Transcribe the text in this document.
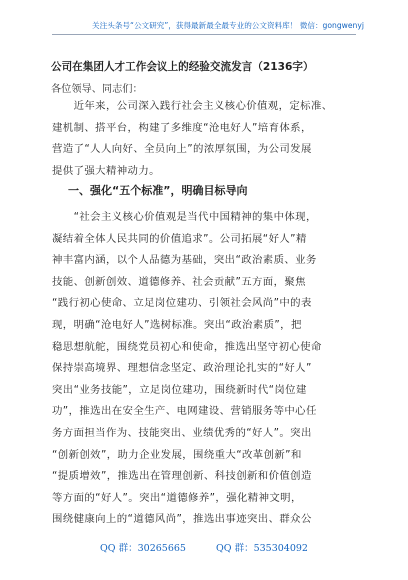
关注头条号“公文研究”，获得最新最全最专业的公文资料库！ 微信：gongwenyj
公司在集团人才工作会议上的经验交流发言（2136字）
各位领导、同志们：
　　近年来，公司深入践行社会主义核心价值观，定标准、
建机制、搭平台，构建了多维度“沧电好人”培育体系，
营造了“人人向好、全员向上”的浓厚氛围，为公司发展
提供了强大精神动力。
一、强化“五个标准”，明确目标导向
　　“社会主义核心价值观是当代中国精神的集中体现，
凝结着全体人民共同的价值追求”。公司拓展“好人”精
神丰富内涵，以个人品德为基础，突出“政治素质、业务
技能、创新创效、道德修养、社会贡献”五方面，聚焦
“践行初心使命、立足岗位建功、引领社会风尚”中的表
现，明确“沧电好人”选树标准。突出“政治素质”，把
稳思想航舵，围绕党员初心和使命，推选出坚守初心使命
保持崇高境界、理想信念坚定、政治理论扎实的“好人”
突出“业务技能”，立足岗位建功，围绕新时代“岗位建
功”，推选出在安全生产、电网建设、营销服务等中心任
务方面担当作为、技能突出、业绩优秀的“好人”。突出
“创新创效”，助力企业发展，围绕重大“改革创新”和
“提质增效”，推选出在管理创新、科技创新和价值创造
等方面的“好人”。突出“道德修养”，强化精神文明，
围绕健康向上的“道德风尚”，推选出事迹突出、群众公
QQ 群：30265665	QQ 群：535304092
